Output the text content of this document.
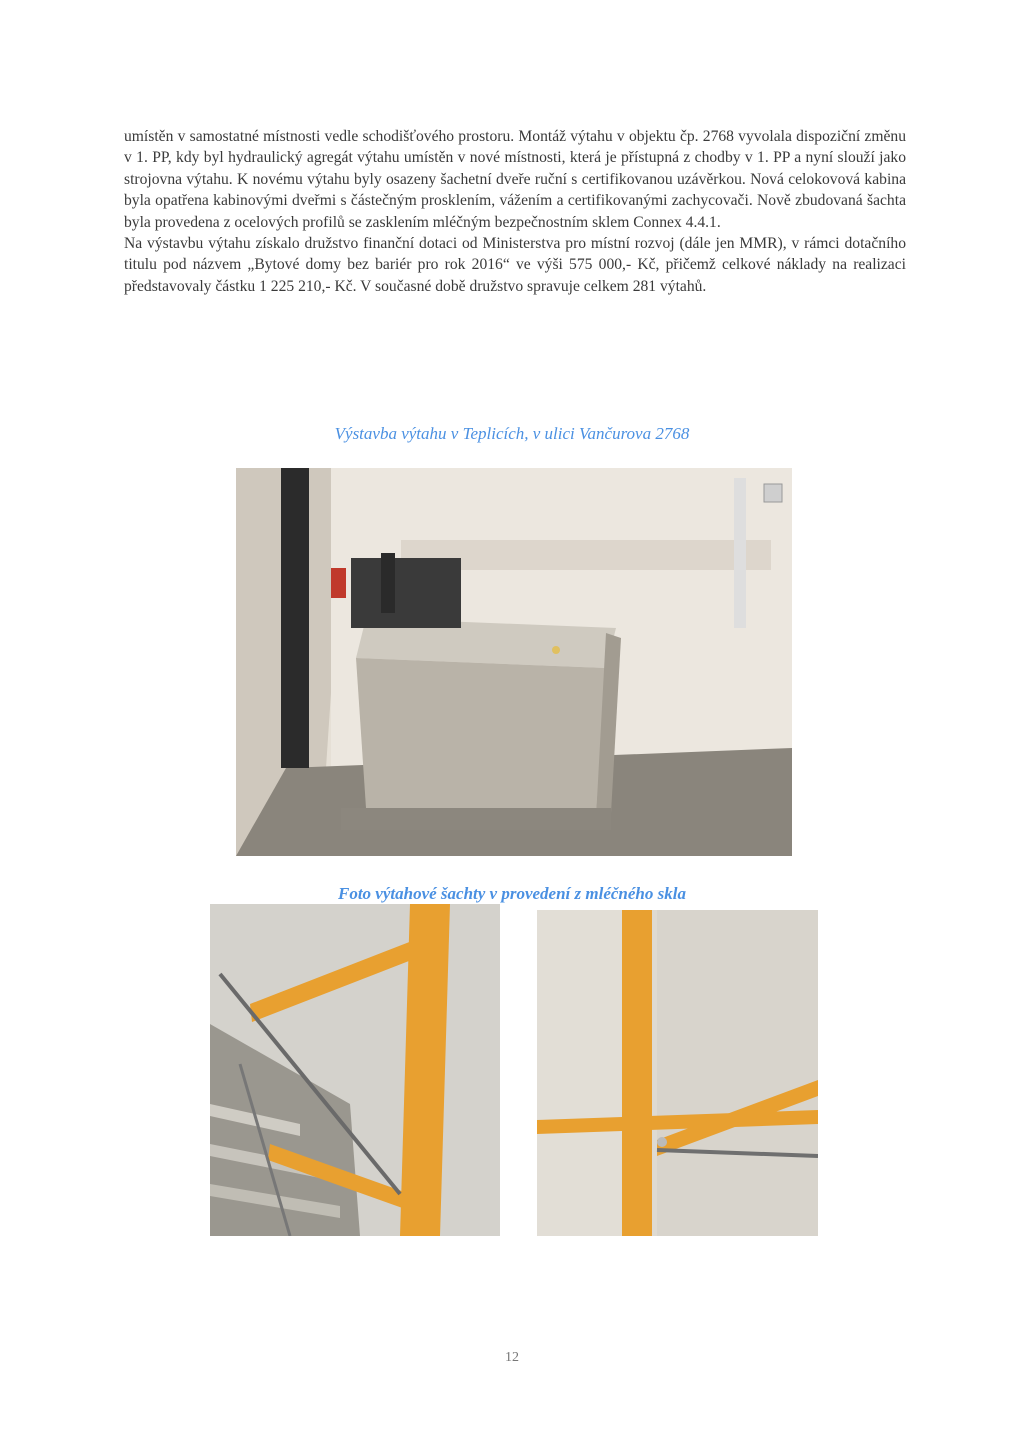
umístěn v samostatné místnosti vedle schodišťového prostoru. Montáž výtahu v objektu čp. 2768 vyvolala dispoziční změnu v 1. PP, kdy byl hydraulický agregát výtahu umístěn v nové místnosti, která je přístupná z chodby v 1. PP a nyní slouží jako strojovna výtahu. K novému výtahu byly osazeny šachetní dveře ruční s certifikovanou uzávěrkou. Nová celokovová kabina byla opatřena kabinovými dveřmi s částečným prosklením, vážením a certifikovanými zachycovači. Nově zbudovaná šachta byla provedena z ocelových profilů se zasklením mléčným bezpečnostním sklem Connex 4.4.1.

Na výstavbu výtahu získalo družstvo finanční dotaci od Ministerstva pro místní rozvoj (dále jen MMR), v rámci dotačního titulu pod názvem „Bytové domy bez bariér pro rok 2016“ ve výši 575 000,- Kč, přičemž celkové náklady na realizaci představovaly částku 1 225 210,- Kč. V současné době družstvo spravuje celkem 281 výtahů.

Výstavba výtahu v Teplicích, v ulici Vančurova 2768
Foto výtahové šachty v provedení z mléčného skla
12
